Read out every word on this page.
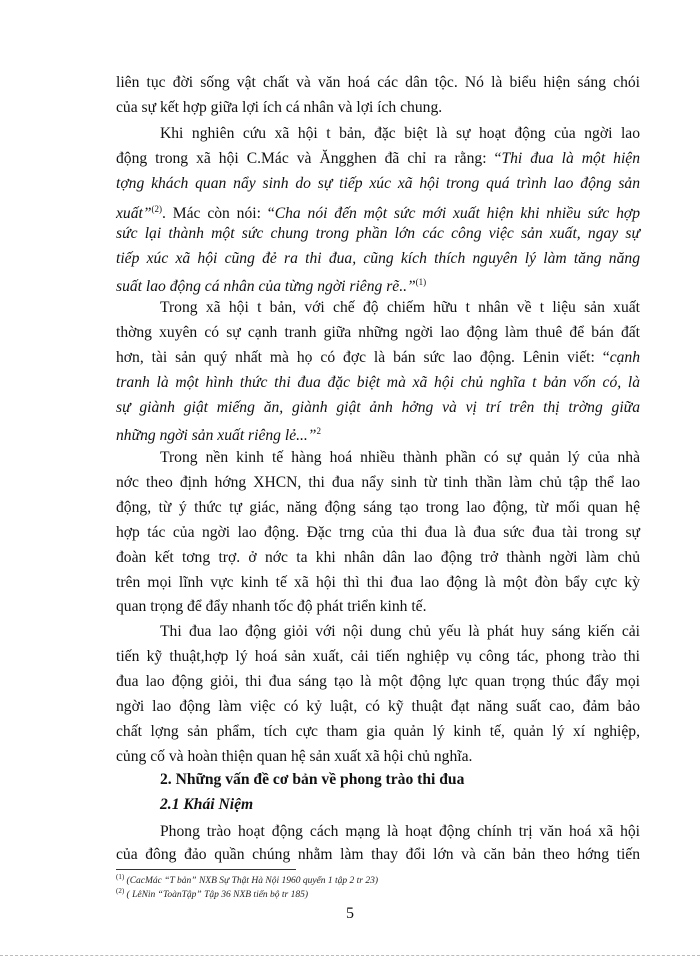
liên tục đời sống vật chất và văn hoá các dân tộc. Nó là biểu hiện sáng chói
của sự kết hợp giữa lợi ích cá nhân và lợi ích chung.
Khi nghiên cứu xã hội t bản, đặc biệt là sự hoạt động của ngời lao
động trong xã hội C.Mác và Ăngghen đã chỉ ra rằng: “Thi đua là một hiện
tợng khách quan nẩy sinh do sự tiếp xúc xã hội trong quá trình lao động sản
xuất”$^{(2)}$. Mác còn nói: “Cha nói đến một sức mới xuất hiện khi nhiều sức hợp
sức lại thành một sức chung trong phần lớn các công việc sản xuất, ngay sự
tiếp xúc xã hội cũng đẻ ra thi đua, cũng kích thích nguyên lý làm tăng năng
suất lao động cá nhân của từng ngời riêng rẽ..”$^{(1)}$
Trong xã hội t bản, với chế độ chiếm hữu t nhân về t liệu sản xuất
thờng xuyên có sự cạnh tranh giữa những ngời lao động làm thuê để bán đất
hơn, tài sản quý nhất mà họ có đợc là bán sức lao động. Lênin viết: “cạnh
tranh là một hình thức thi đua đặc biệt mà xã hội chủ nghĩa t bản vốn có, là
sự giành giật miếng ăn, giành giật ảnh hởng và vị trí trên thị trờng giữa
những ngời sản xuất riêng lẻ...”$^2$
Trong nền kinh tế hàng hoá nhiều thành phần có sự quản lý của nhà
nớc theo định hớng XHCN, thi đua nẩy sinh từ tinh thần làm chủ tập thể lao
động, từ ý thức tự giác, năng động sáng tạo trong lao động, từ mối quan hệ
hợp tác của ngời lao động. Đặc trng của thi đua là đua sức đua tài trong sự
đoàn kết tơng trợ. ở nớc ta khi nhân dân lao động trở thành ngời làm chủ
trên mọi lĩnh vực kinh tế xã hội thì thi đua lao động là một đòn bẩy cực kỳ
quan trọng để đẩy nhanh tốc độ phát triển kinh tế.
Thi đua lao động giỏi với nội dung chủ yếu là phát huy sáng kiến cải
tiến kỹ thuật,hợp lý hoá sản xuất, cải tiến nghiệp vụ công tác, phong trào thi
đua lao động giỏi, thi đua sáng tạo là một động lực quan trọng thúc đẩy mọi
ngời lao động làm việc có kỷ luật, có kỹ thuật đạt năng suất cao, đảm bảo
chất lợng sản phẩm, tích cực tham gia quản lý kinh tế, quản lý xí nghiệp,
củng cố và hoàn thiện quan hệ sản xuất xã hội chủ nghĩa.
2. Những vấn đề cơ bản về phong trào thi đua
2.1 Khái Niệm
Phong trào hoạt động cách mạng là hoạt động chính trị văn hoá xã hội
của đông đảo quần chúng nhằm làm thay đổi lớn và căn bản theo hớng tiến
$^{(1)}$ (CacMác “T bản” NXB Sự Thật Hà Nội 1960 quyển 1 tập 2 tr 23)
$^{(2)}$ ( LêNin “ToànTập” Tập 36 NXB tiến bộ tr 185)
5
